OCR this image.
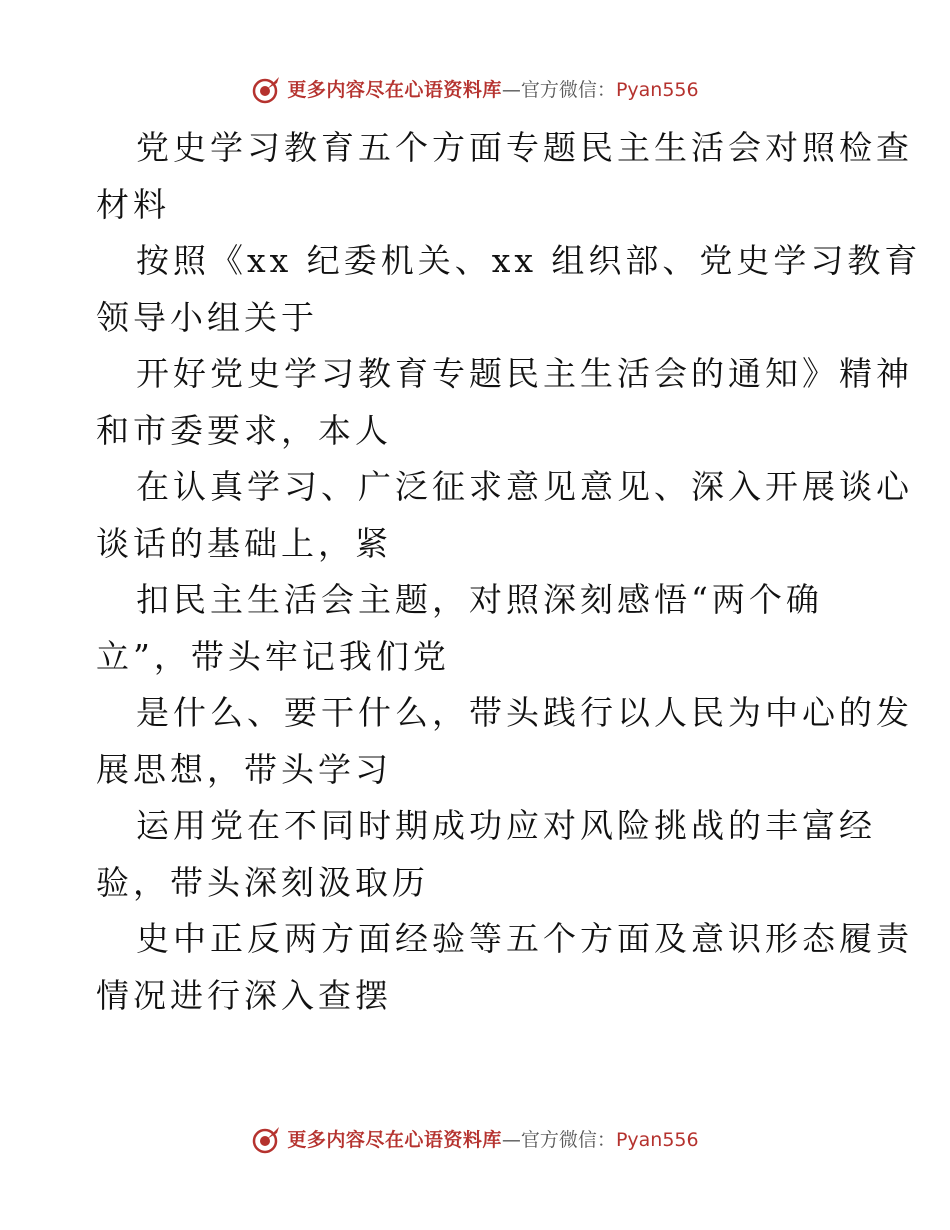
更多内容尽在心语资料库 —官方微信： Pyan556

党史学习教育五个方面专题民主生活会对照检查
材料

按照《xx 纪委机关、xx 组织部、党史学习教育
领导小组关于

开好党史学习教育专题民主生活会的通知》精神
和市委要求，本人

在认真学习、广泛征求意见意见、深入开展谈心
谈话的基础上，紧

扣民主生活会主题，对照深刻感悟“两个确
立”，带头牢记我们党

是什么、要干什么，带头践行以人民为中心的发
展思想，带头学习

运用党在不同时期成功应对风险挑战的丰富经
验，带头深刻汲取历

史中正反两方面经验等五个方面及意识形态履责
情况进行深入查摆

更多内容尽在心语资料库 —官方微信： Pyan556
